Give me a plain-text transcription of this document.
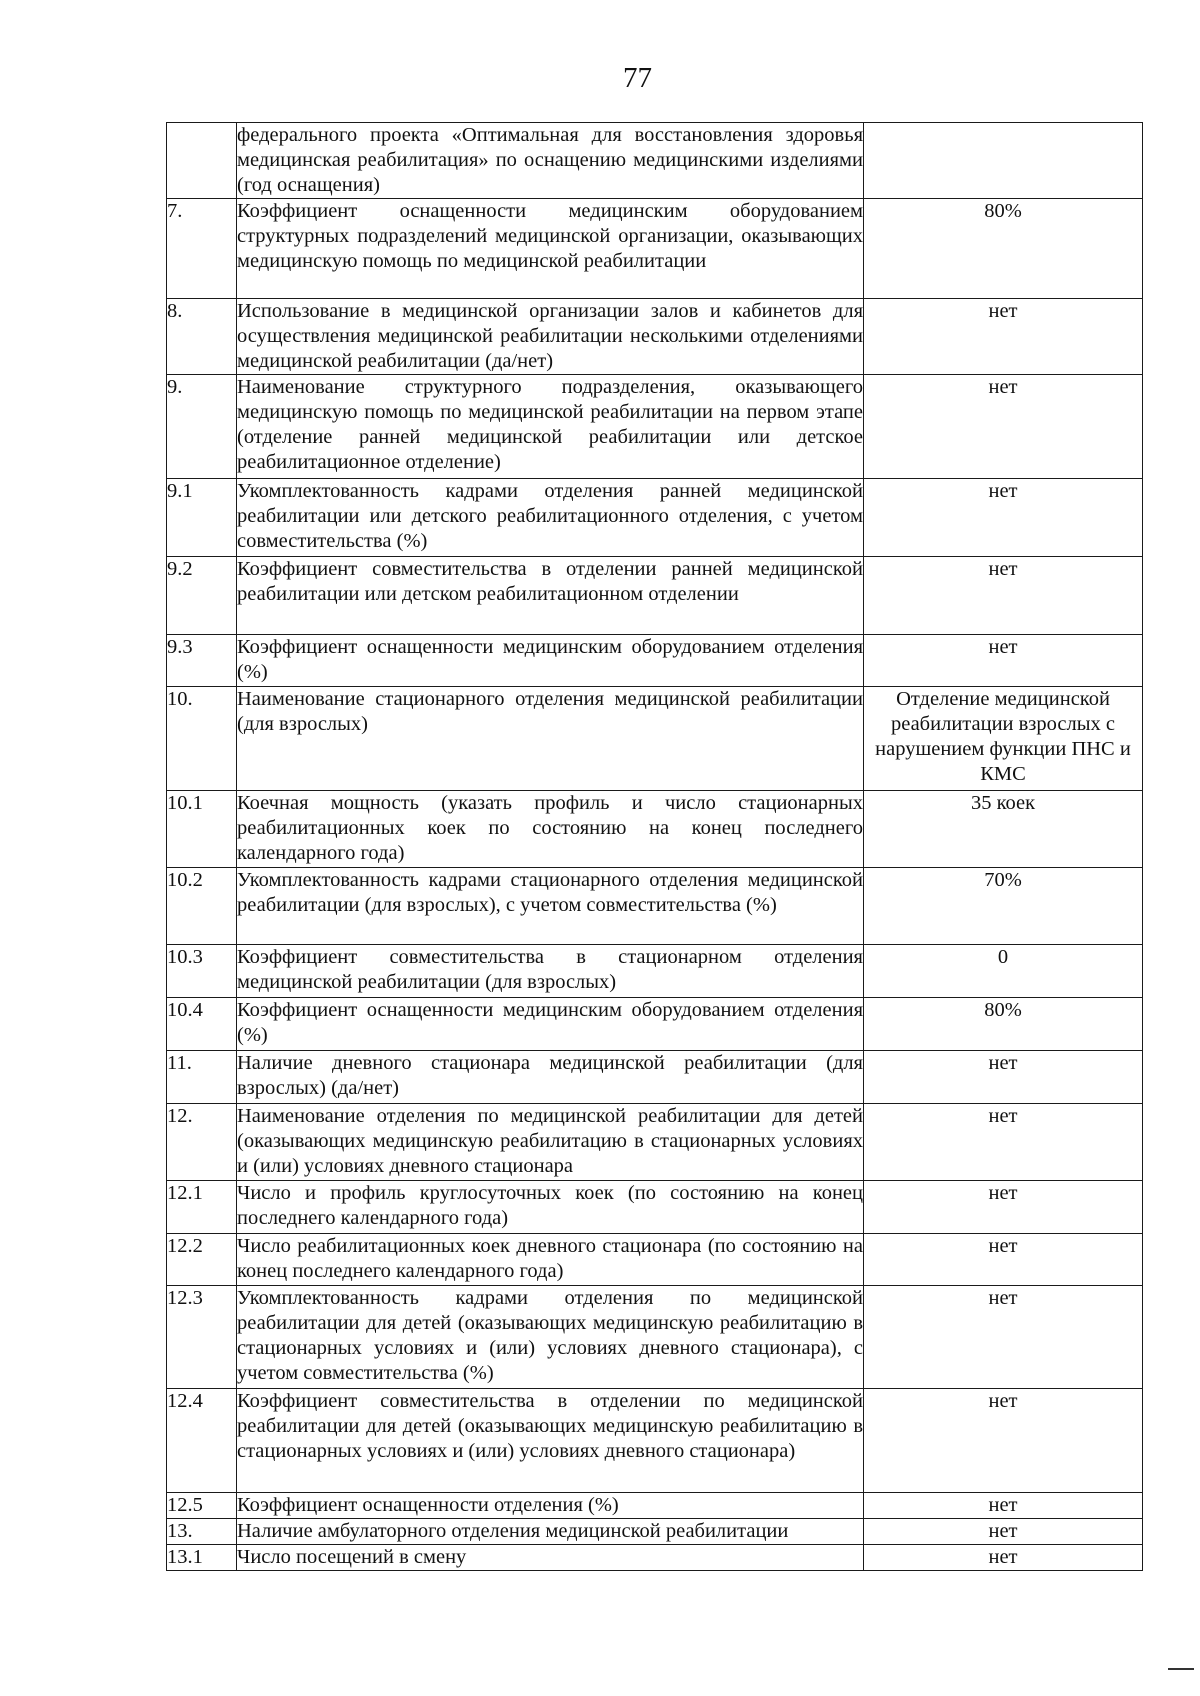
77
	федерального проекта «Оптимальная для восстановления здоровья медицинская реабилитация» по оснащению медицинскими изделиями (год оснащения)	
7.	Коэффициент оснащенности медицинским оборудованием структурных подразделений медицинской организации, оказывающих медицинскую помощь по медицинской реабилитации	80%
8.	Использование в медицинской организации залов и кабинетов для осуществления медицинской реабилитации несколькими отделениями медицинской реабилитации (да/нет)	нет
9.	Наименование структурного подразделения, оказывающего медицинскую помощь по медицинской реабилитации на первом этапе (отделение ранней медицинской реабилитации или детское реабилитационное отделение)	нет
9.1	Укомплектованность кадрами отделения ранней медицинской реабилитации или детского реабилитационного отделения, с учетом совместительства (%)	нет
9.2	Коэффициент совместительства в отделении ранней медицинской реабилитации или детском реабилитационном отделении	нет
9.3	Коэффициент оснащенности медицинским оборудованием отделения (%)	нет
10.	Наименование стационарного отделения медицинской реабилитации (для взрослых)	Отделение медицинской реабилитации взрослых с нарушением функции ПНС и КМС
10.1	Коечная мощность (указать профиль и число стационарных реабилитационных коек по состоянию на конец последнего календарного года)	35 коек
10.2	Укомплектованность кадрами стационарного отделения медицинской реабилитации (для взрослых), с учетом совместительства (%)	70%
10.3	Коэффициент совместительства в стационарном отделения медицинской реабилитации (для взрослых)	0
10.4	Коэффициент оснащенности медицинским оборудованием отделения (%)	80%
11.	Наличие дневного стационара медицинской реабилитации (для взрослых) (да/нет)	нет
12.	Наименование отделения по медицинской реабилитации для детей (оказывающих медицинскую реабилитацию в стационарных условиях и (или) условиях дневного стационара	нет
12.1	Число и профиль круглосуточных коек (по состоянию на конец последнего календарного года)	нет
12.2	Число реабилитационных коек дневного стационара (по состоянию на конец последнего календарного года)	нет
12.3	Укомплектованность кадрами отделения по медицинской реабилитации для детей (оказывающих медицинскую реабилитацию в стационарных условиях и (или) условиях дневного стационара), с учетом совместительства (%)	нет
12.4	Коэффициент совместительства в отделении по медицинской реабилитации для детей (оказывающих медицинскую реабилитацию в стационарных условиях и (или) условиях дневного стационара)	нет
12.5	Коэффициент оснащенности отделения (%)	нет
13.	Наличие амбулаторного отделения медицинской реабилитации	нет
13.1	Число посещений в смену	нет
